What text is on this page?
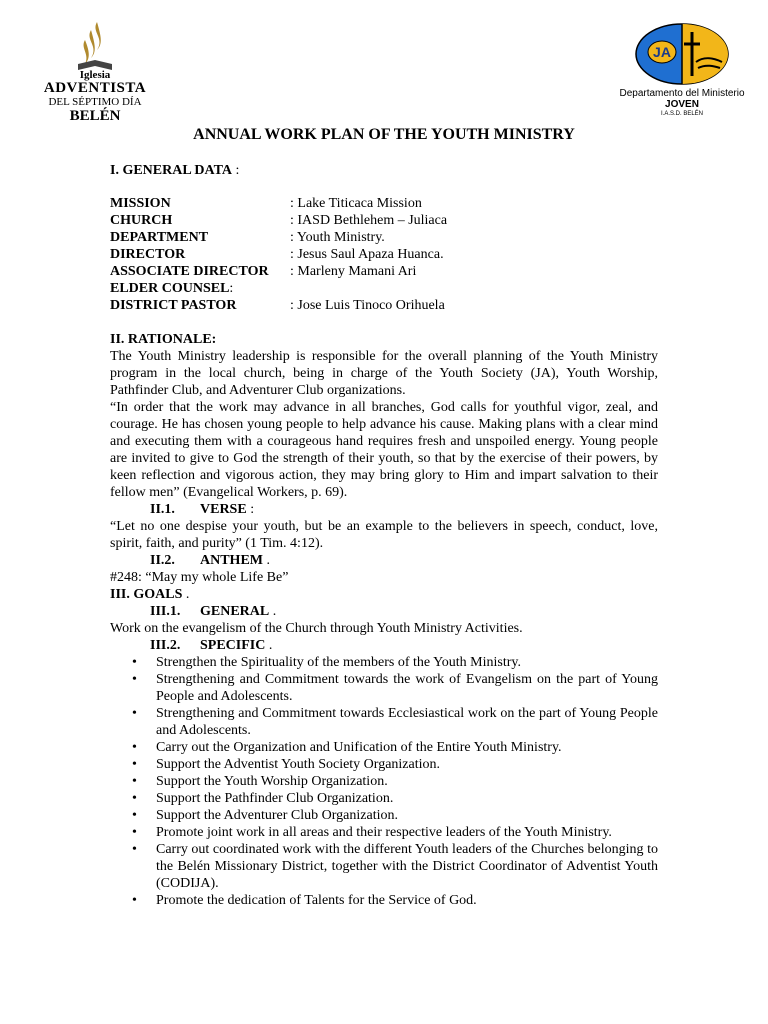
Iglesia
ADVENTISTA
DEL SÉPTIMO DÍA
BELÉN
JA
Departamento del Ministerio
JOVEN
I.A.S.D. BELÉN
ANNUAL WORK PLAN OF THE YOUTH MINISTRY
I. GENERAL DATA :
MISSION	: Lake Titicaca Mission
CHURCH	: IASD Bethlehem – Juliaca
DEPARTMENT	: Youth Ministry.
DIRECTOR	: Jesus Saul Apaza Huanca.
ASSOCIATE DIRECTOR	: Marleny Mamani Ari
ELDER COUNSEL :
DISTRICT PASTOR	: Jose Luis Tinoco Orihuela
II. RATIONALE:
The Youth Ministry leadership is responsible for the overall planning of the Youth Ministry program in the local church, being in charge of the Youth Society (JA), Youth Worship, Pathfinder Club, and Adventurer Club organizations.
“In order that the work may advance in all branches, God calls for youthful vigor, zeal, and courage. He has chosen young people to help advance his cause. Making plans with a clear mind and executing them with a courageous hand requires fresh and unspoiled energy. Young people are invited to give to God the strength of their youth, so that by the exercise of their powers, by keen reflection and vigorous action, they may bring glory to Him and impart salvation to their fellow men” (Evangelical Workers, p. 69).
II.1. VERSE :
“Let no one despise your youth, but be an example to the believers in speech, conduct, love, spirit, faith, and purity” (1 Tim. 4:12).
II.2. ANTHEM .
#248: “May my whole Life Be”
III. GOALS .
III.1. GENERAL .
Work on the evangelism of the Church through Youth Ministry Activities.
III.2. SPECIFIC .
• Strengthen the Spirituality of the members of the Youth Ministry.
• Strengthening and Commitment towards the work of Evangelism on the part of Young People and Adolescents.
• Strengthening and Commitment towards Ecclesiastical work on the part of Young People and Adolescents.
• Carry out the Organization and Unification of the Entire Youth Ministry.
• Support the Adventist Youth Society Organization.
• Support the Youth Worship Organization.
• Support the Pathfinder Club Organization.
• Support the Adventurer Club Organization.
• Promote joint work in all areas and their respective leaders of the Youth Ministry.
• Carry out coordinated work with the different Youth leaders of the Churches belonging to the Belén Missionary District, together with the District Coordinator of Adventist Youth (CODIJA).
• Promote the dedication of Talents for the Service of God.
